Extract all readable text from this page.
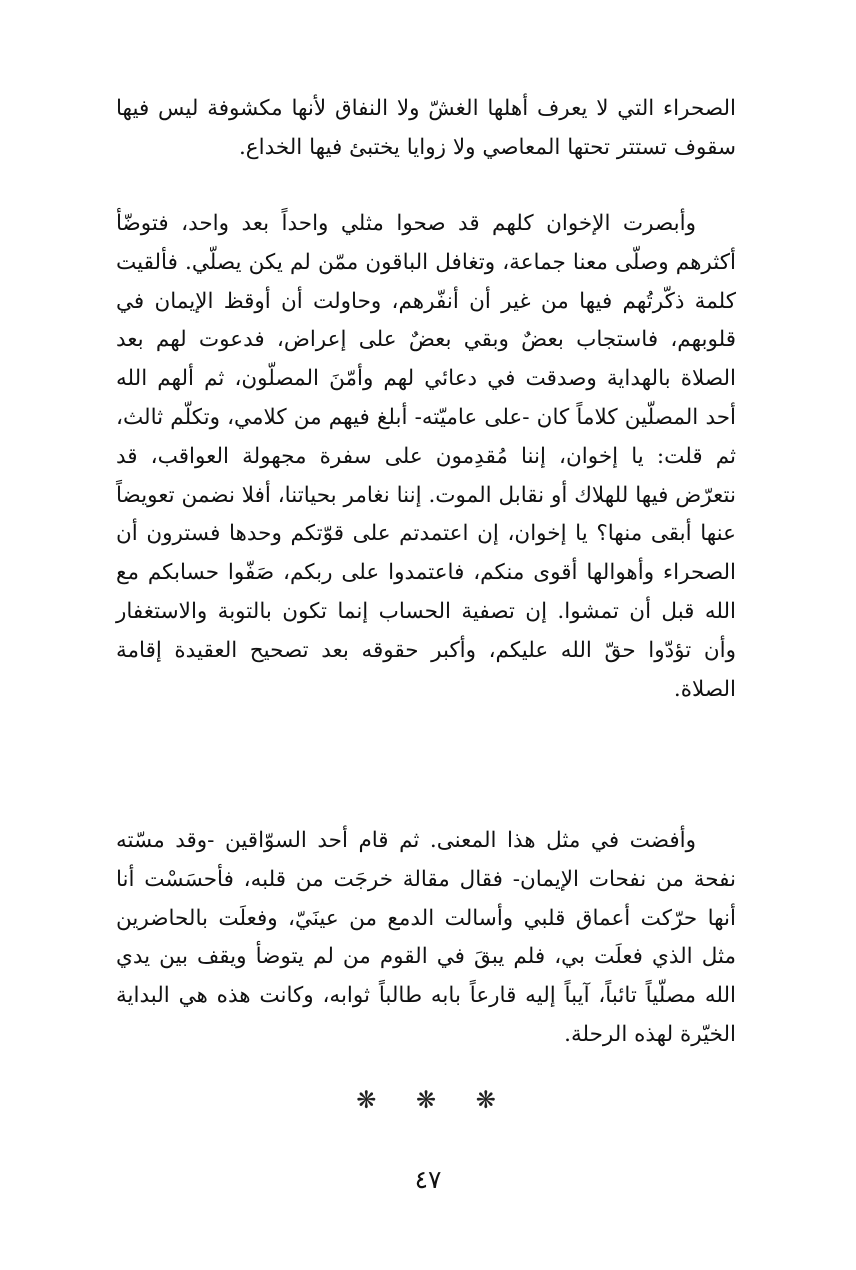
الصحراء التي لا يعرف أهلها الغشّ ولا النفاق لأنها مكشوفة ليس فيها سقوف تستتر تحتها المعاصي ولا زوايا يختبئ فيها الخداع.

وأبصرت الإخوان كلهم قد صحوا مثلي واحداً بعد واحد، فتوضّأ أكثرهم وصلّى معنا جماعة، وتغافل الباقون ممّن لم يكن يصلّي. فألقيت كلمة ذكّرتُهم فيها من غير أن أنفّرهم، وحاولت أن أوقظ الإيمان في قلوبهم، فاستجاب بعضٌ وبقي بعضٌ على إعراض، فدعوت لهم بعد الصلاة بالهداية وصدقت في دعائي لهم وأمّنَ المصلّون، ثم ألهم الله أحد المصلّين كلاماً كان -على عاميّته- أبلغ فيهم من كلامي، وتكلّم ثالث، ثم قلت: يا إخوان، إننا مُقدِمون على سفرة مجهولة العواقب، قد نتعرّض فيها للهلاك أو نقابل الموت. إننا نغامر بحياتنا، أفلا نضمن تعويضاً عنها أبقى منها؟ يا إخوان، إن اعتمدتم على قوّتكم وحدها فسترون أن الصحراء وأهوالها أقوى منكم، فاعتمدوا على ربكم، صَفّوا حسابكم مع الله قبل أن تمشوا. إن تصفية الحساب إنما تكون بالتوبة والاستغفار وأن تؤدّوا حقّ الله عليكم، وأكبر حقوقه بعد تصحيح العقيدة إقامة الصلاة.

وأفضت في مثل هذا المعنى. ثم قام أحد السوّاقين -وقد مسّته نفحة من نفحات الإيمان- فقال مقالة خرجَت من قلبه، فأحسَسْت أنا أنها حرّكت أعماق قلبي وأسالت الدمع من عينَيّ، وفعلَت بالحاضرين مثل الذي فعلَت بي، فلم يبقَ في القوم من لم يتوضأ ويقف بين يدي الله مصلّياً تائباً، آيباً إليه قارعاً بابه طالباً ثوابه، وكانت هذه هي البداية الخيّرة لهذه الرحلة.

❋ ❋ ❋
٤٧
